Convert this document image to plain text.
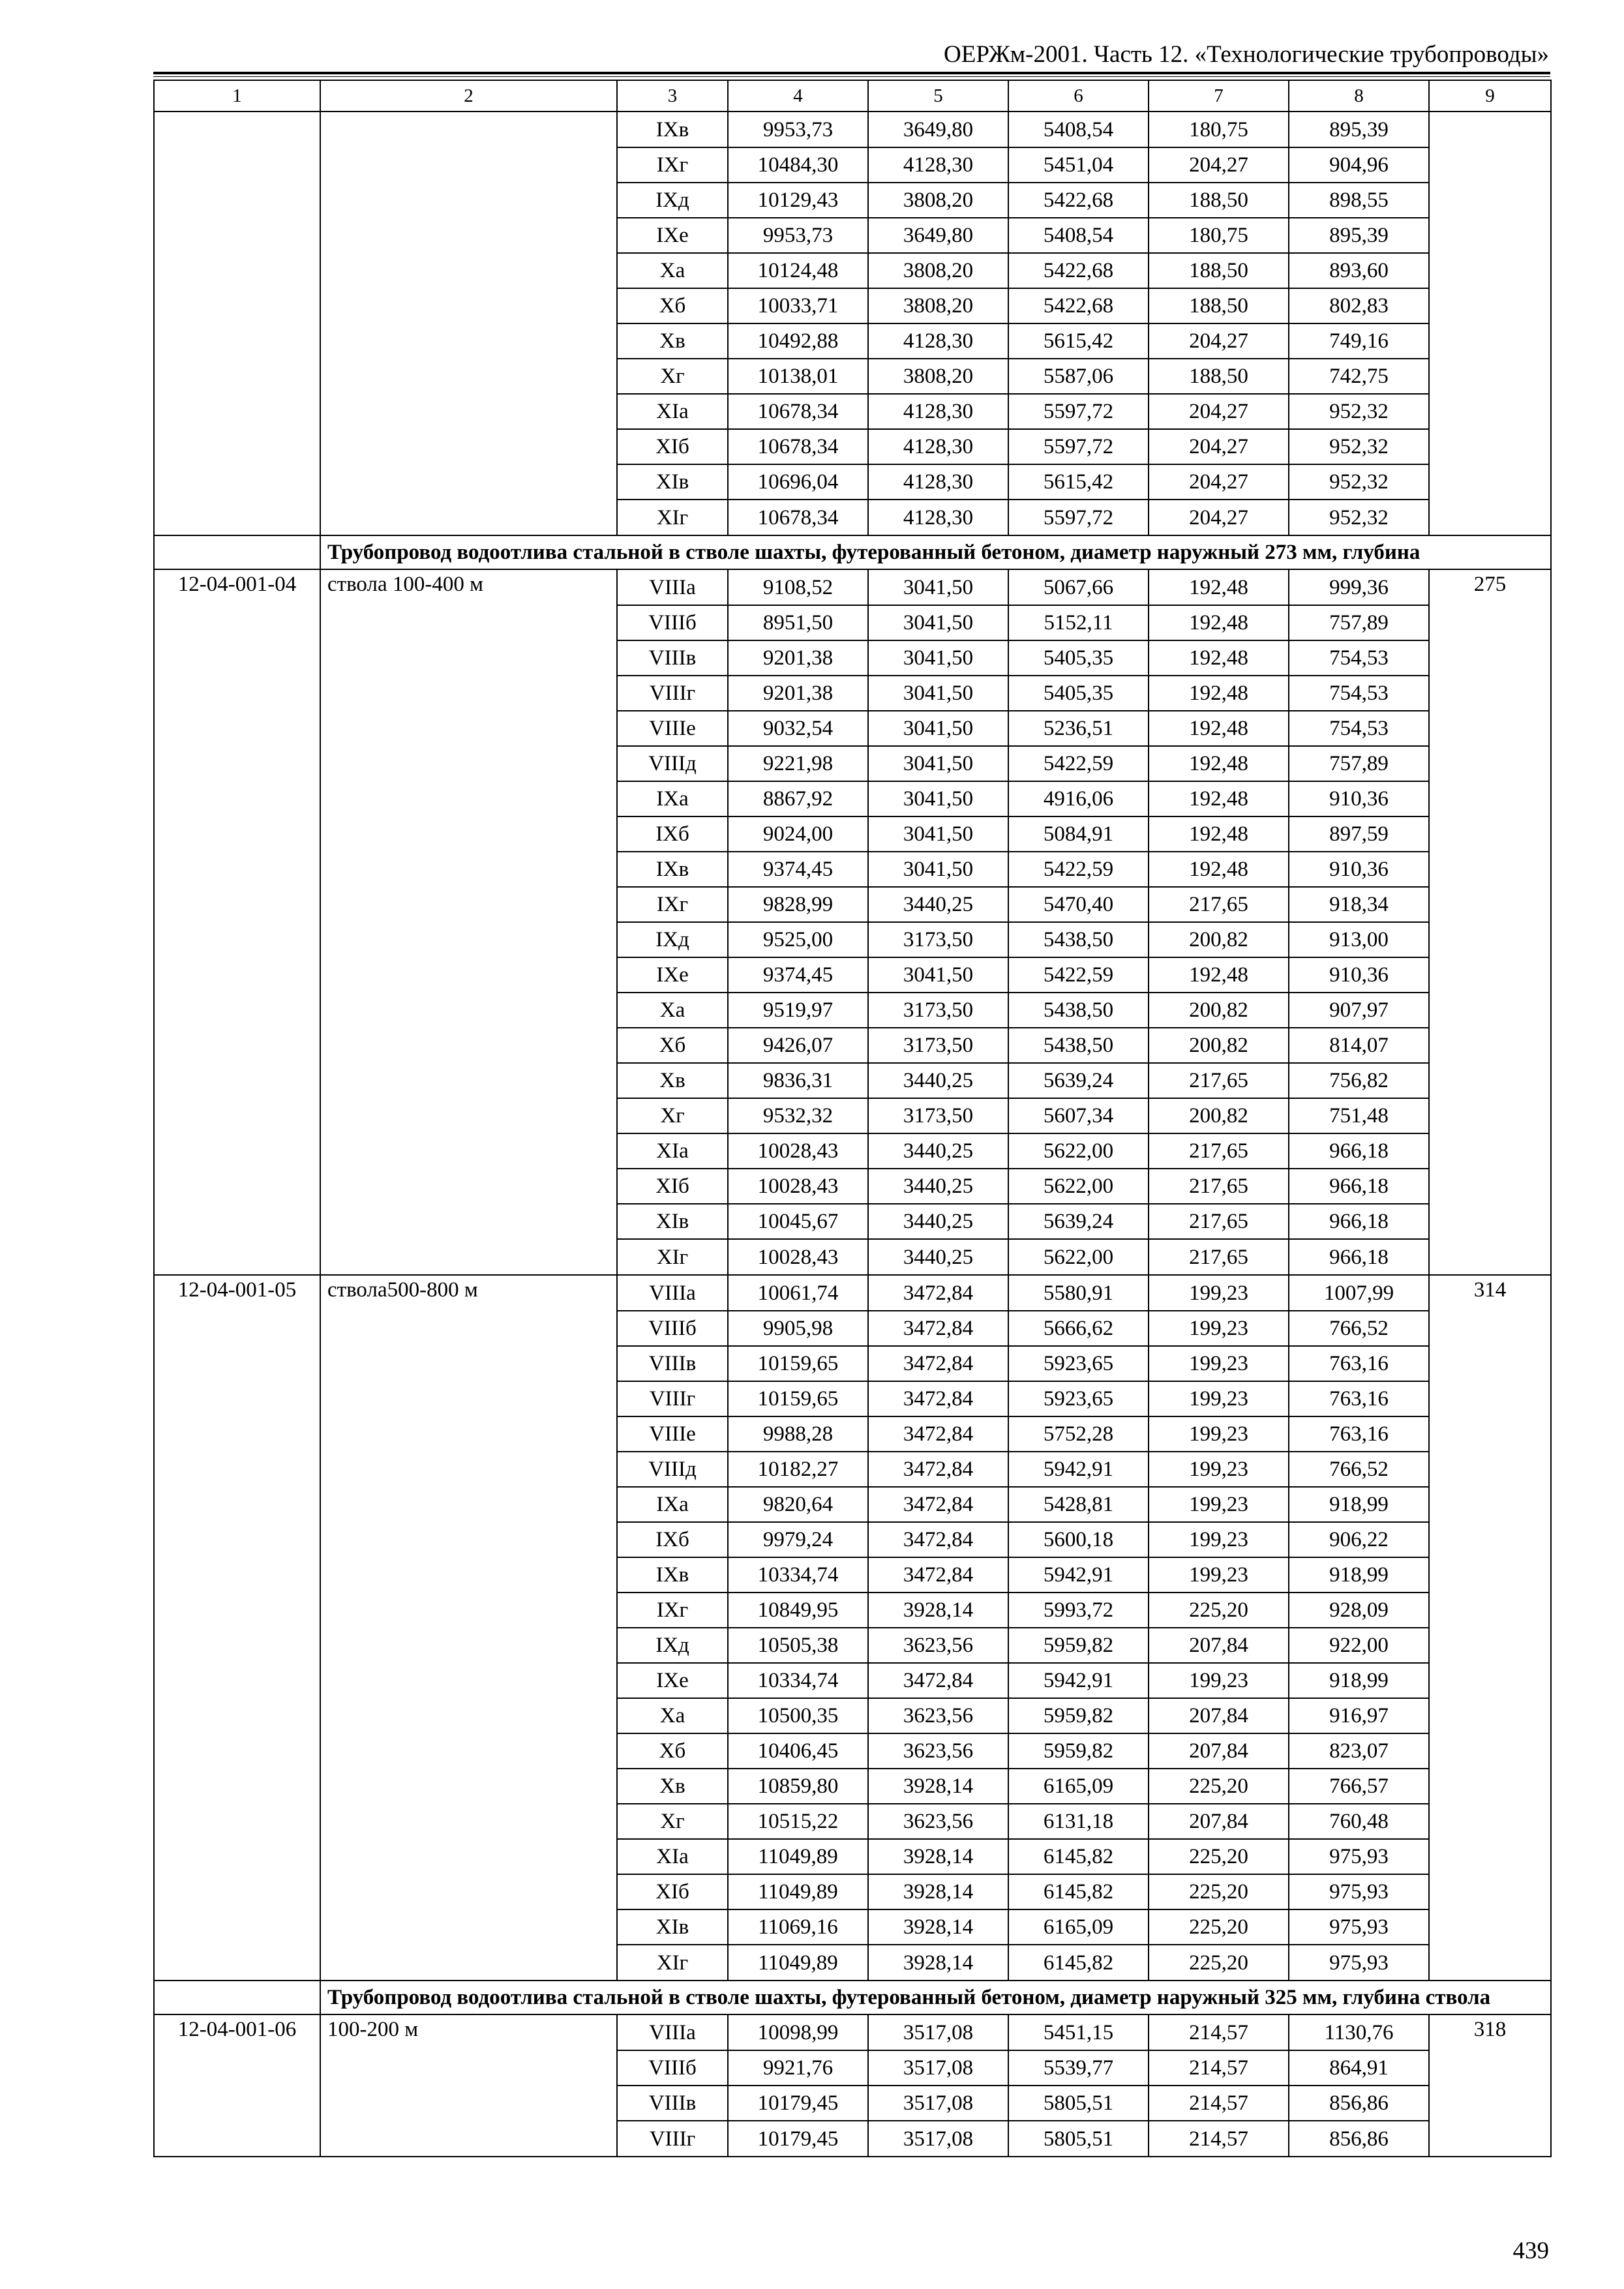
ОЕРЖм-2001. Часть 12. «Технологические трубопроводы»
1	2	3	4	5	6	7	8	9
		IXв	9953,73	3649,80	5408,54	180,75	895,39	
		IXг	10484,30	4128,30	5451,04	204,27	904,96	
		IXд	10129,43	3808,20	5422,68	188,50	898,55	
		IXе	9953,73	3649,80	5408,54	180,75	895,39	
		Xа	10124,48	3808,20	5422,68	188,50	893,60	
		Xб	10033,71	3808,20	5422,68	188,50	802,83	
		Xв	10492,88	4128,30	5615,42	204,27	749,16	
		Xг	10138,01	3808,20	5587,06	188,50	742,75	
		XIа	10678,34	4128,30	5597,72	204,27	952,32	
		XIб	10678,34	4128,30	5597,72	204,27	952,32	
		XIв	10696,04	4128,30	5615,42	204,27	952,32	
		XIг	10678,34	4128,30	5597,72	204,27	952,32	
	Трубопровод водоотлива стальной в стволе шахты, футерованный бетоном, диаметр наружный 273 мм, глубина							
12-04-001-04	ствола 100-400 м	VIIIа	9108,52	3041,50	5067,66	192,48	999,36	275
		VIIIб	8951,50	3041,50	5152,11	192,48	757,89	
		VIIIв	9201,38	3041,50	5405,35	192,48	754,53	
		VIIIг	9201,38	3041,50	5405,35	192,48	754,53	
		VIIIе	9032,54	3041,50	5236,51	192,48	754,53	
		VIIIд	9221,98	3041,50	5422,59	192,48	757,89	
		IXа	8867,92	3041,50	4916,06	192,48	910,36	
		IXб	9024,00	3041,50	5084,91	192,48	897,59	
		IXв	9374,45	3041,50	5422,59	192,48	910,36	
		IXг	9828,99	3440,25	5470,40	217,65	918,34	
		IXд	9525,00	3173,50	5438,50	200,82	913,00	
		IXе	9374,45	3041,50	5422,59	192,48	910,36	
		Xа	9519,97	3173,50	5438,50	200,82	907,97	
		Xб	9426,07	3173,50	5438,50	200,82	814,07	
		Xв	9836,31	3440,25	5639,24	217,65	756,82	
		Xг	9532,32	3173,50	5607,34	200,82	751,48	
		XIа	10028,43	3440,25	5622,00	217,65	966,18	
		XIб	10028,43	3440,25	5622,00	217,65	966,18	
		XIв	10045,67	3440,25	5639,24	217,65	966,18	
		XIг	10028,43	3440,25	5622,00	217,65	966,18	
12-04-001-05	ствола500-800 м	VIIIа	10061,74	3472,84	5580,91	199,23	1007,99	314
		VIIIб	9905,98	3472,84	5666,62	199,23	766,52	
		VIIIв	10159,65	3472,84	5923,65	199,23	763,16	
		VIIIг	10159,65	3472,84	5923,65	199,23	763,16	
		VIIIе	9988,28	3472,84	5752,28	199,23	763,16	
		VIIIд	10182,27	3472,84	5942,91	199,23	766,52	
		IXа	9820,64	3472,84	5428,81	199,23	918,99	
		IXб	9979,24	3472,84	5600,18	199,23	906,22	
		IXв	10334,74	3472,84	5942,91	199,23	918,99	
		IXг	10849,95	3928,14	5993,72	225,20	928,09	
		IXд	10505,38	3623,56	5959,82	207,84	922,00	
		IXе	10334,74	3472,84	5942,91	199,23	918,99	
		Xа	10500,35	3623,56	5959,82	207,84	916,97	
		Xб	10406,45	3623,56	5959,82	207,84	823,07	
		Xв	10859,80	3928,14	6165,09	225,20	766,57	
		Xг	10515,22	3623,56	6131,18	207,84	760,48	
		XIа	11049,89	3928,14	6145,82	225,20	975,93	
		XIб	11049,89	3928,14	6145,82	225,20	975,93	
		XIв	11069,16	3928,14	6165,09	225,20	975,93	
		XIг	11049,89	3928,14	6145,82	225,20	975,93	
	Трубопровод водоотлива стальной в стволе шахты, футерованный бетоном, диаметр наружный 325 мм, глубина ствола							
12-04-001-06	100-200 м	VIIIа	10098,99	3517,08	5451,15	214,57	1130,76	318
		VIIIб	9921,76	3517,08	5539,77	214,57	864,91	
		VIIIв	10179,45	3517,08	5805,51	214,57	856,86	
		VIIIг	10179,45	3517,08	5805,51	214,57	856,86	
439
